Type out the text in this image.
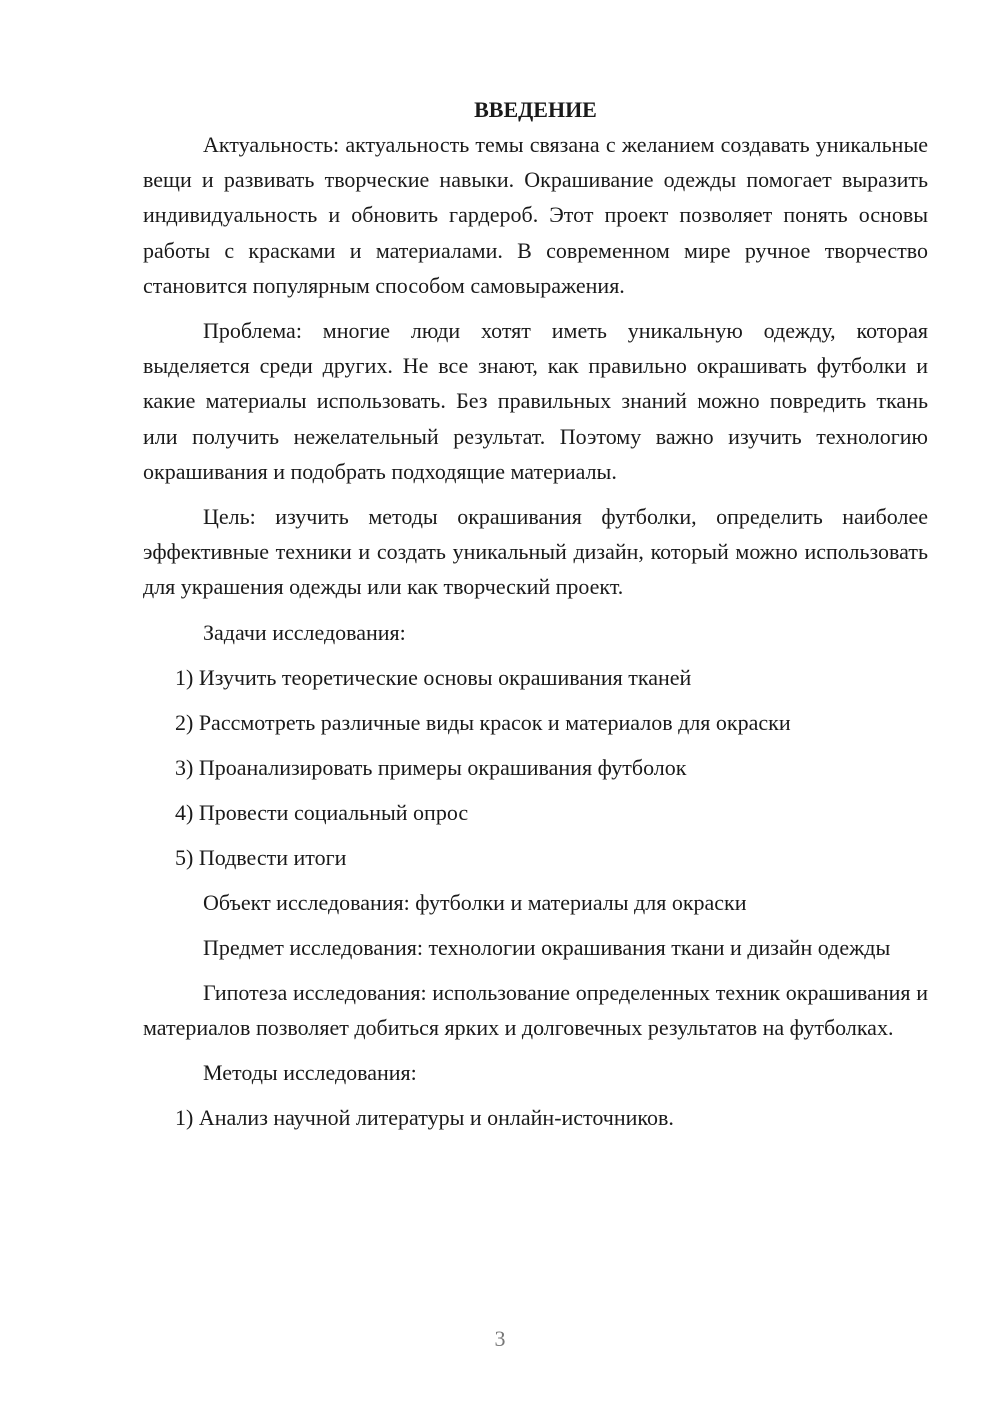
ВВЕДЕНИЕ

Актуальность: актуальность темы связана с желанием создавать уникальные вещи и развивать творческие навыки. Окрашивание одежды помогает выразить индивидуальность и обновить гардероб. Этот проект позволяет понять основы работы с красками и материалами. В современном мире ручное творчество становится популярным способом самовыражения.

Проблема: многие люди хотят иметь уникальную одежду, которая выделяется среди других. Не все знают, как правильно окрашивать футболки и какие материалы использовать. Без правильных знаний можно повредить ткань или получить нежелательный результат. Поэтому важно изучить технологию окрашивания и подобрать подходящие материалы.

Цель: изучить методы окрашивания футболки, определить наиболее эффективные техники и создать уникальный дизайн, который можно использовать для украшения одежды или как творческий проект.

Задачи исследования:

1) Изучить теоретические основы окрашивания тканей
2) Рассмотреть различные виды красок и материалов для окраски
3) Проанализировать примеры окрашивания футболок
4) Провести социальный опрос
5) Подвести итоги

Объект исследования: футболки и материалы для окраски

Предмет исследования: технологии окрашивания ткани и дизайн одежды

Гипотеза исследования: использование определенных техник окрашивания и материалов позволяет добиться ярких и долговечных результатов на футболках.

Методы исследования:

1) Анализ научной литературы и онлайн-источников.
3
